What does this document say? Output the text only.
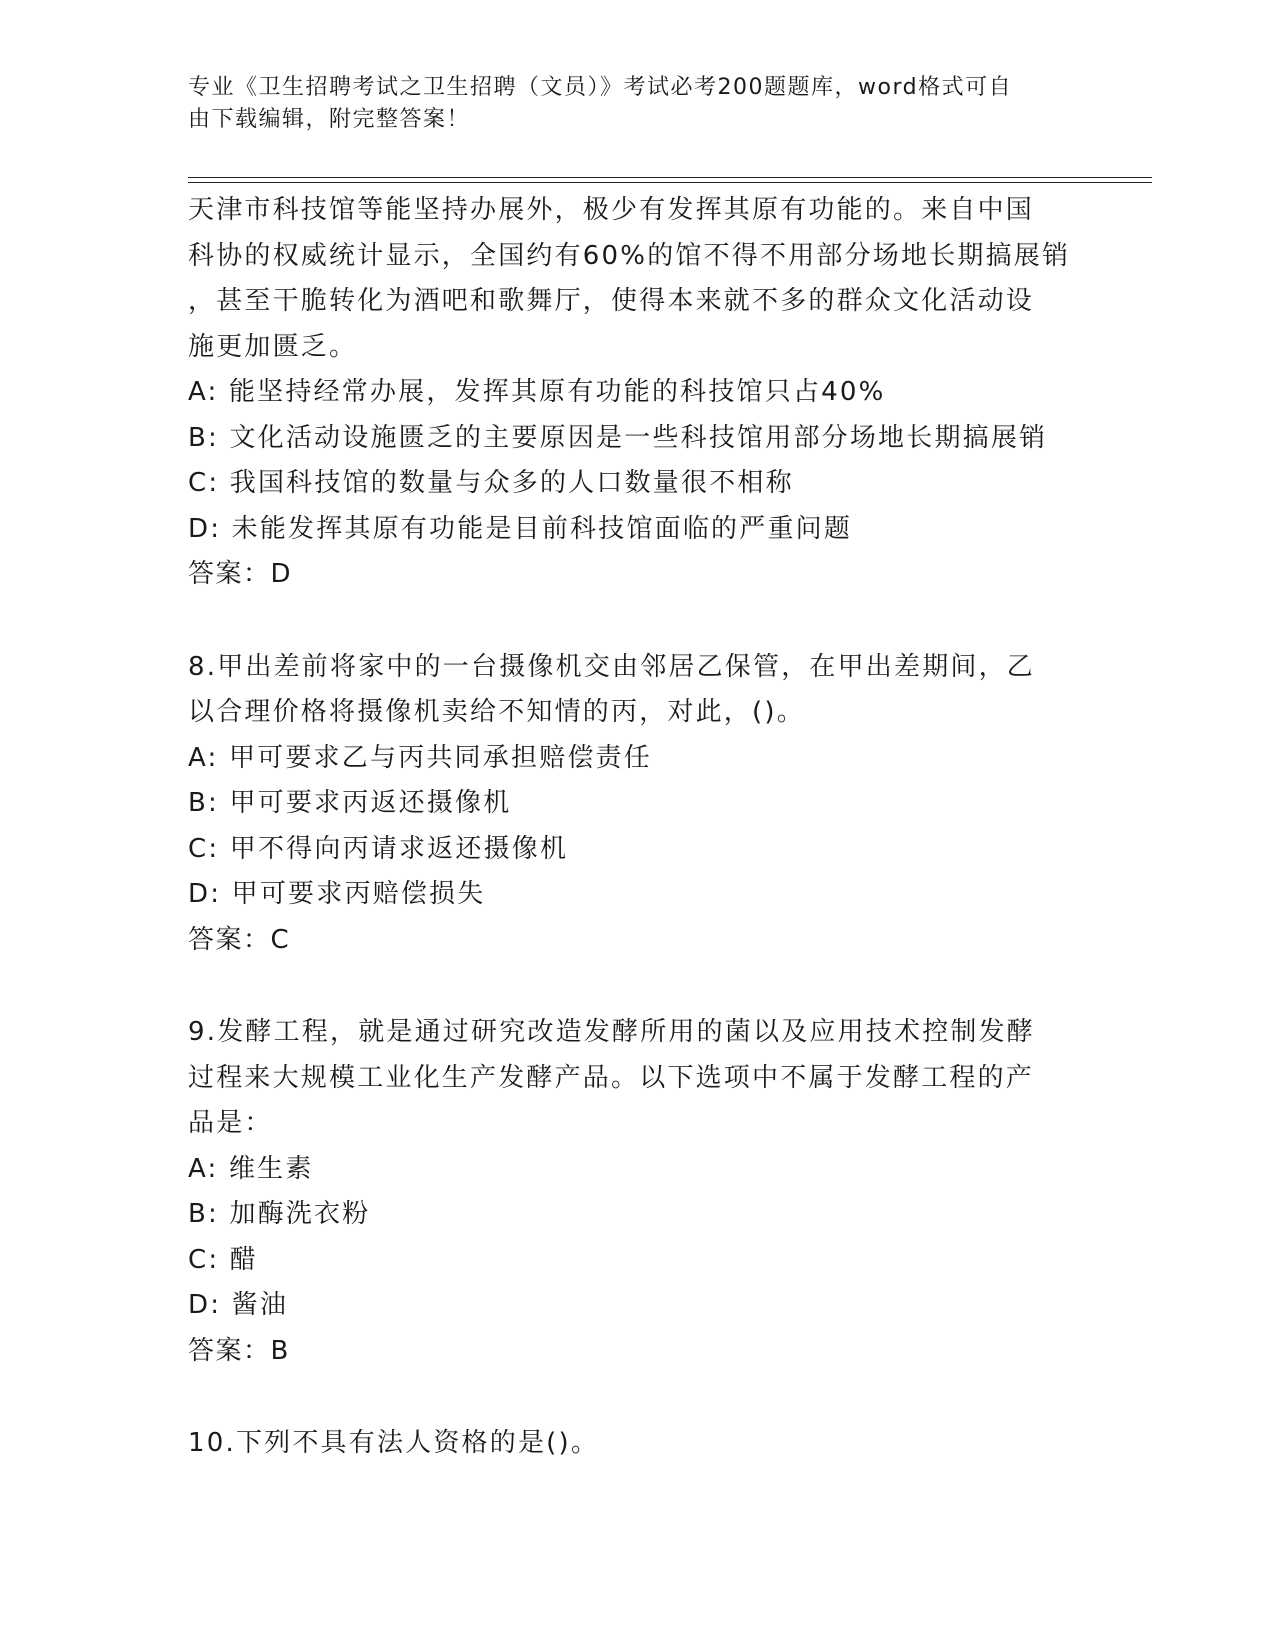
专业《卫生招聘考试之卫生招聘（文员）》考试必考200题题库，word格式可自
由下载编辑，附完整答案！
天津市科技馆等能坚持办展外，极少有发挥其原有功能的。来自中国
科协的权威统计显示，全国约有60%的馆不得不用部分场地长期搞展销
，甚至干脆转化为酒吧和歌舞厅，使得本来就不多的群众文化活动设
施更加匮乏。
A: 能坚持经常办展，发挥其原有功能的科技馆只占40%
B: 文化活动设施匮乏的主要原因是一些科技馆用部分场地长期搞展销
C: 我国科技馆的数量与众多的人口数量很不相称
D: 未能发挥其原有功能是目前科技馆面临的严重问题
答案：D
8.甲出差前将家中的一台摄像机交由邻居乙保管，在甲出差期间，乙
以合理价格将摄像机卖给不知情的丙，对此，()。
A: 甲可要求乙与丙共同承担赔偿责任
B: 甲可要求丙返还摄像机
C: 甲不得向丙请求返还摄像机
D: 甲可要求丙赔偿损失
答案：C
9.发酵工程，就是通过研究改造发酵所用的菌以及应用技术控制发酵
过程来大规模工业化生产发酵产品。以下选项中不属于发酵工程的产
品是：
A: 维生素
B: 加酶洗衣粉
C: 醋
D: 酱油
答案：B
10.下列不具有法人资格的是()。
